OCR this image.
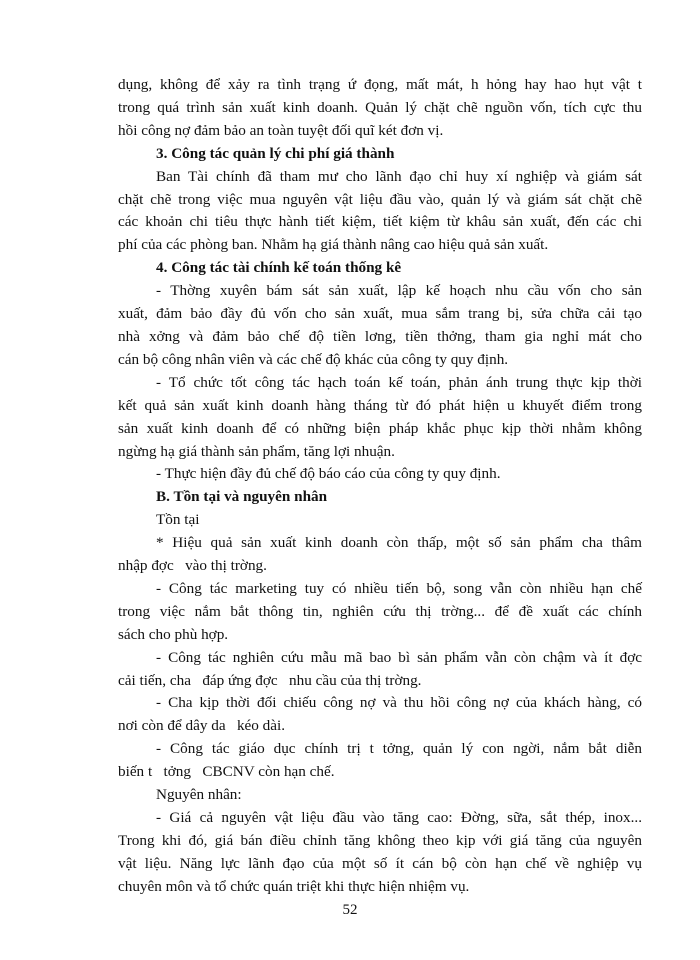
dụng, không để xảy ra tình trạng ứ đọng, mất mát, h hỏng hay hao hụt vật t
trong quá trình sản xuất kinh doanh. Quản lý chặt chẽ nguồn vốn, tích cực thu
hồi công nợ đảm bảo an toàn tuyệt đối quĩ két đơn vị.
3. Công tác quản lý chi phí giá thành
Ban Tài chính đã tham mư cho lãnh đạo chỉ huy xí nghiệp và giám sát
chặt chẽ trong việc mua nguyên vật liệu đầu vào, quản lý và giám sát chặt chẽ
các khoản chi tiêu thực hành tiết kiệm, tiết kiệm từ khâu sản xuất, đến các chi
phí của các phòng ban. Nhằm hạ giá thành nâng cao hiệu quả sản xuất.
4. Công tác tài chính kế toán thống kê
- Thờng xuyên bám sát sản xuất, lập kế hoạch nhu cầu vốn cho sản
xuất, đảm bảo đầy đủ vốn cho sản xuất, mua sắm trang bị, sửa chữa cải tạo
nhà xởng và đảm bảo chế độ tiền lơng, tiền thởng, tham gia nghỉ mát cho
cán bộ công nhân viên và các chế độ khác của công ty quy định.
- Tổ chức tốt công tác hạch toán kế toán, phản ánh trung thực kịp thời
kết quả sản xuất kinh doanh hàng tháng từ đó phát hiện u khuyết điểm trong
sản xuất kinh doanh để có những biện pháp khắc phục kịp thời nhằm không
ngừng hạ giá thành sản phẩm, tăng lợi nhuận.
- Thực hiện đầy đủ chế độ báo cáo của công ty quy định.
B. Tồn tại và nguyên nhân
Tồn tại
* Hiệu quả sản xuất kinh doanh còn thấp, một số sản phẩm cha thâm
nhập đợc   vào thị trờng.
- Công tác marketing tuy có nhiều tiến bộ, song vẫn còn nhiều hạn chế
trong việc nắm bắt thông tin, nghiên cứu thị trờng... để đề xuất các chính
sách cho phù hợp.
- Công tác nghiên cứu mẫu mã bao bì sản phẩm vẫn còn chậm và ít đợc
cải tiến, cha   đáp ứng đợc   nhu cầu của thị trờng.
- Cha kịp thời đối chiếu công nợ và thu hồi công nợ của khách hàng, có
nơi còn để dây da   kéo dài.
- Công tác giáo dục chính trị t tởng, quản lý con ngời, nắm bắt diễn
biến t   tởng   CBCNV còn hạn chế.
Nguyên nhân:
- Giá cả nguyên vật liệu đầu vào tăng cao: Đờng, sữa, sắt thép, inox...
Trong khi đó, giá bán điều chỉnh tăng không theo kịp với giá tăng của nguyên
vật liệu. Năng lực lãnh đạo của một số ít cán bộ còn hạn chế về nghiệp vụ
chuyên môn và tổ chức quán triệt khi thực hiện nhiệm vụ.
52
